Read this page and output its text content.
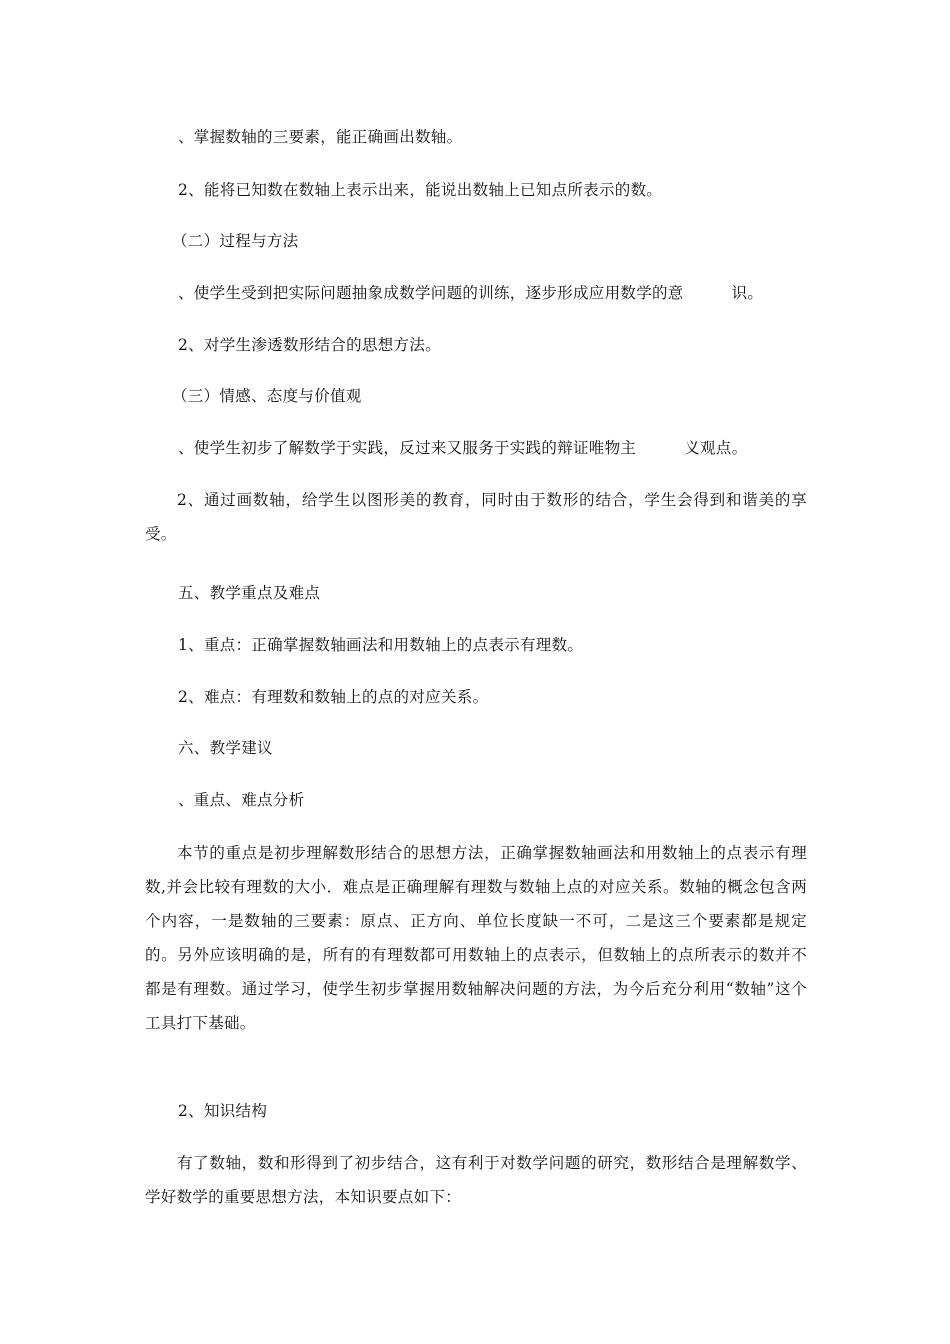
、掌握数轴的三要素，能正确画出数轴。
2、能将已知数在数轴上表示出来，能说出数轴上已知点所表示的数。
（二）过程与方法
、使学生受到把实际问题抽象成数学问题的训练，逐步形成应用数学的意	识。
2、对学生渗透数形结合的思想方法。
（三）情感、态度与价值观
、使学生初步了解数学于实践，反过来又服务于实践的辩证唯物主	义观点。
2、通过画数轴，给学生以图形美的教育，同时由于数形的结合，学生会得到和谐美的享受。
五、教学重点及难点
1、重点：正确掌握数轴画法和用数轴上的点表示有理数。
2、难点：有理数和数轴上的点的对应关系。
六、教学建议
、重点、难点分析
本节的重点是初步理解数形结合的思想方法，正确掌握数轴画法和用数轴上的点表示有理数,并会比较有理数的大小．难点是正确理解有理数与数轴上点的对应关系。数轴的概念包含两个内容，一是数轴的三要素：原点、正方向、单位长度缺一不可，二是这三个要素都是规定的。另外应该明确的是，所有的有理数都可用数轴上的点表示，但数轴上的点所表示的数并不都是有理数。通过学习，使学生初步掌握用数轴解决问题的方法，为今后充分利用“数轴”这个工具打下基础。
2、知识结构
有了数轴，数和形得到了初步结合，这有利于对数学问题的研究，数形结合是理解数学、学好数学的重要思想方法，本知识要点如下：
